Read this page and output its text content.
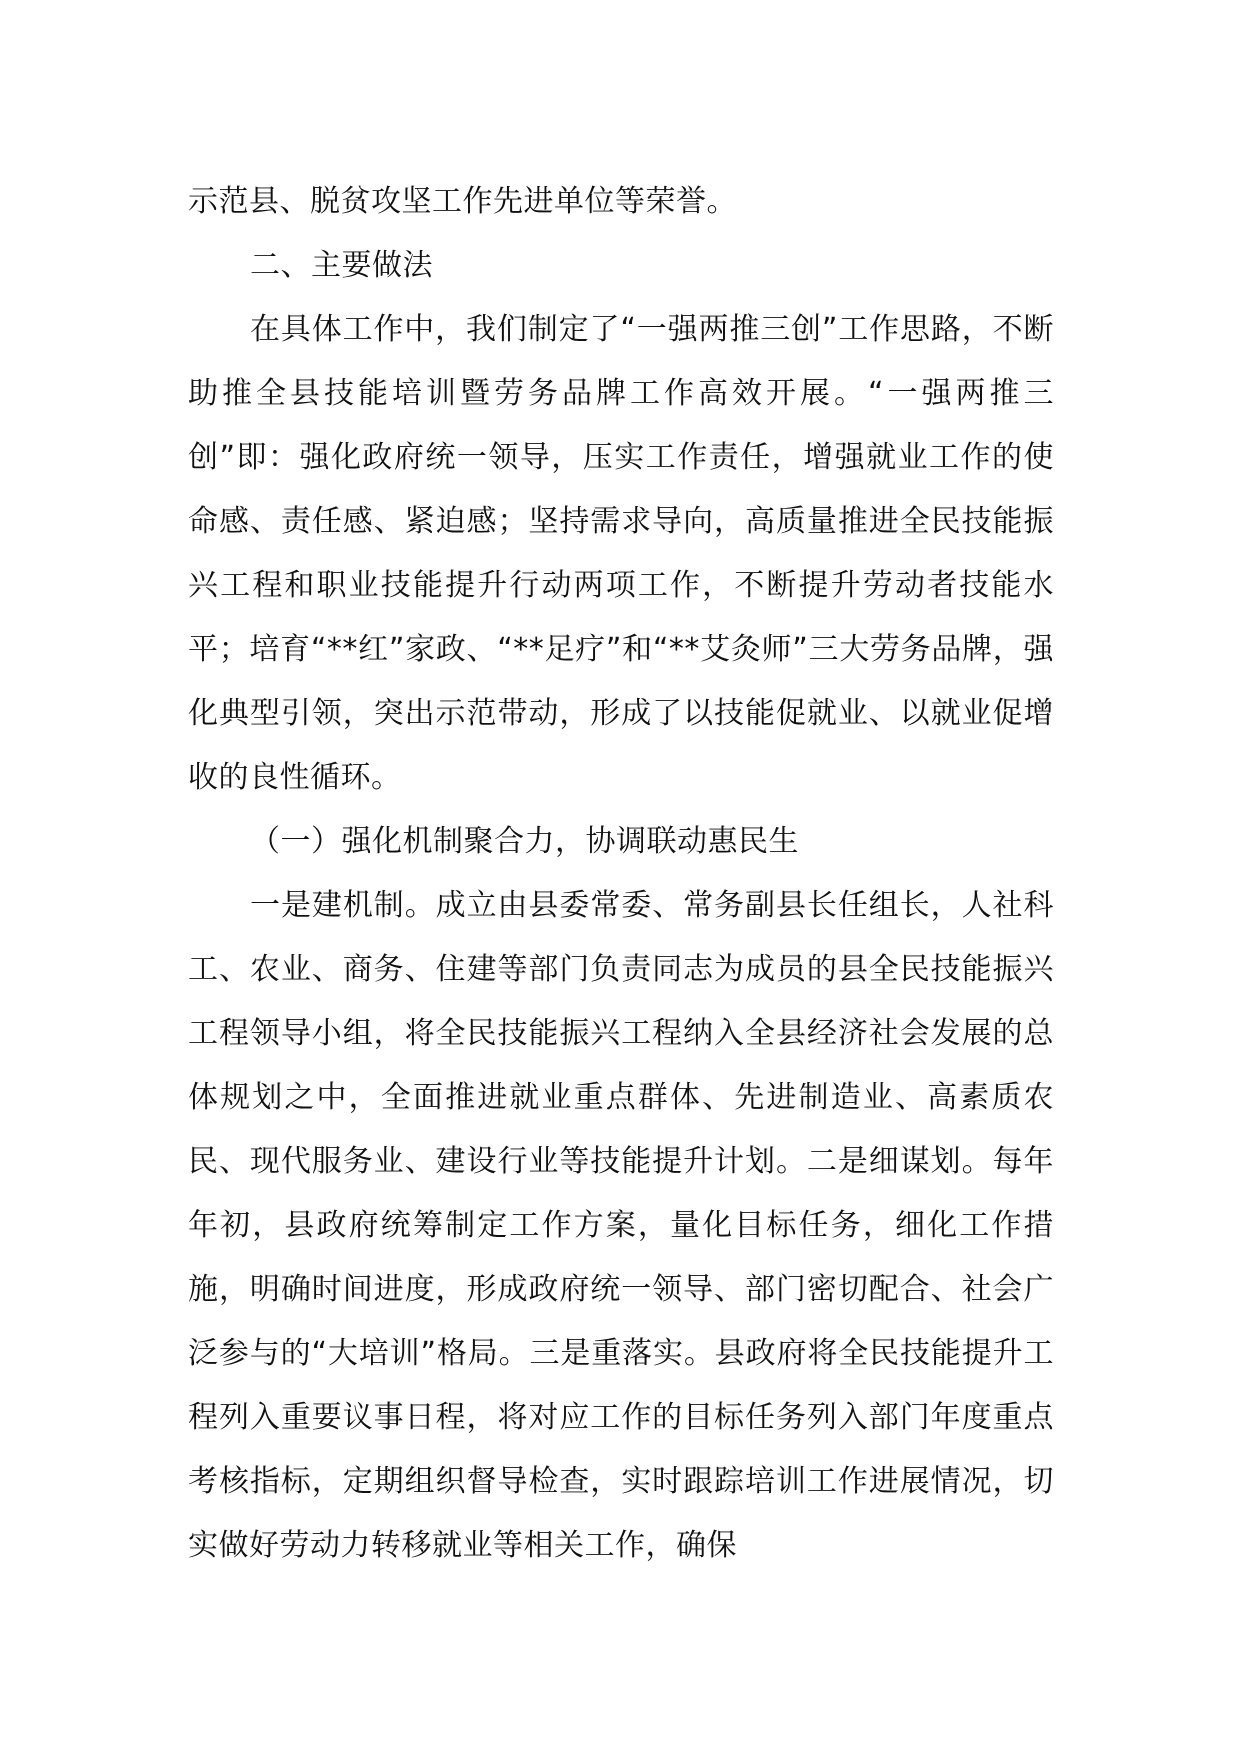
示范县、脱贫攻坚工作先进单位等荣誉。

二、主要做法

在具体工作中，我们制定了“一强两推三创”工作思路，不断助推全县技能培训暨劳务品牌工作高效开展。“一强两推三创”即：强化政府统一领导，压实工作责任，增强就业工作的使命感、责任感、紧迫感；坚持需求导向，高质量推进全民技能振兴工程和职业技能提升行动两项工作，不断提升劳动者技能水平；培育“**红”家政、“**足疗”和“**艾灸师”三大劳务品牌，强化典型引领，突出示范带动，形成了以技能促就业、以就业促增收的良性循环。

（一）强化机制聚合力，协调联动惠民生

一是建机制。成立由县委常委、常务副县长任组长，人社科工、农业、商务、住建等部门负责同志为成员的县全民技能振兴工程领导小组，将全民技能振兴工程纳入全县经济社会发展的总体规划之中，全面推进就业重点群体、先进制造业、高素质农民、现代服务业、建设行业等技能提升计划。二是细谋划。每年年初，县政府统筹制定工作方案，量化目标任务，细化工作措施，明确时间进度，形成政府统一领导、部门密切配合、社会广泛参与的“大培训”格局。三是重落实。县政府将全民技能提升工程列入重要议事日程，将对应工作的目标任务列入部门年度重点考核指标，定期组织督导检查，实时跟踪培训工作进展情况，切实做好劳动力转移就业等相关工作，确保
